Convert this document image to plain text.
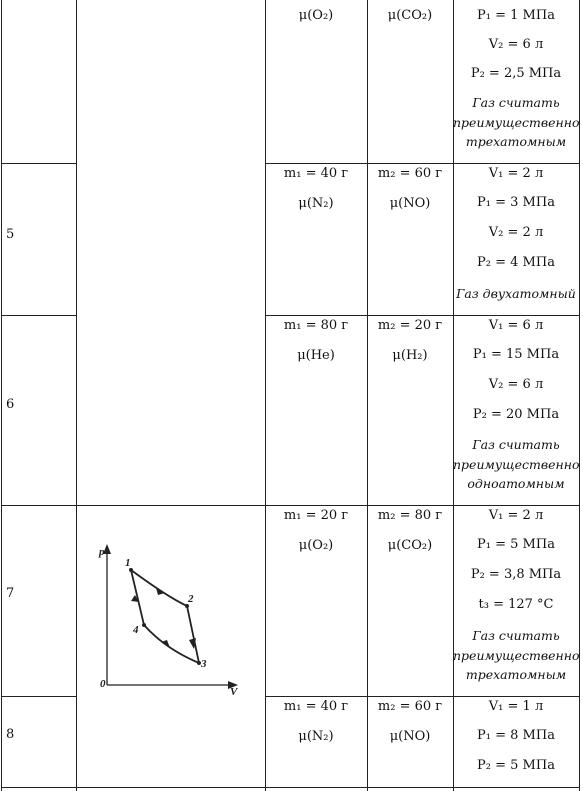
μ(O₂)	μ(CO₂)	P₁ = 1 МПа
V₂ = 6 л
P₂ = 2,5 МПа
Газ считать преимущественно трехатомным
5
m₁ = 40 г
μ(N₂)
m₂ = 60 г
μ(NO)
V₁ = 2 л
P₁ = 3 МПа
V₂ = 2 л
P₂ = 4 МПа
Газ двухатомный
6
m₁ = 80 г
μ(He)
m₂ = 20 г
μ(H₂)
V₁ = 6 л
P₁ = 15 МПа
V₂ = 6 л
P₂ = 20 МПа
Газ считать преимущественно одноатомным
7
m₁ = 20 г
μ(O₂)
m₂ = 80 г
μ(CO₂)
V₁ = 2 л
P₁ = 5 МПа
P₂ = 3,8 МПа
t₃ = 127 °С
Газ считать преимущественно трехатомным
8
m₁ = 40 г
μ(N₂)
m₂ = 60 г
μ(NO)
V₁ = 1 л
P₁ = 8 МПа
P₂ = 5 МПа
p
V
0
1
2
3
4
